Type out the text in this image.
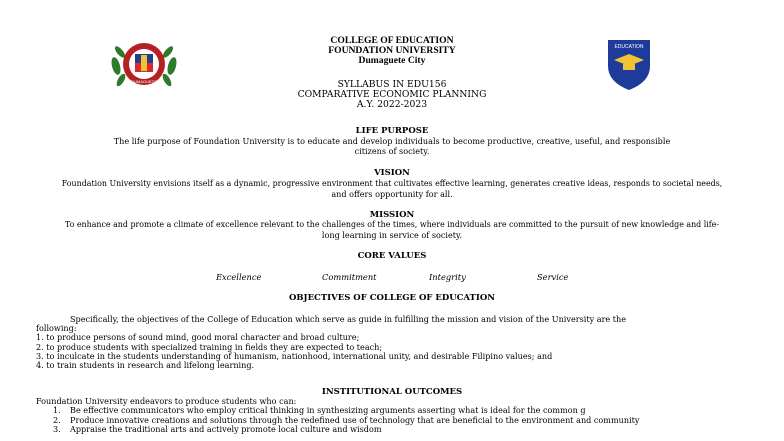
DUMAGUETE
EDUCATION
COLLEGE OF EDUCATION
FOUNDATION UNIVERSITY
Dumaguete City
SYLLABUS IN EDU156
COMPARATIVE ECONOMIC PLANNING
A.Y. 2022-2023
LIFE PURPOSE
The life purpose of Foundation University is to educate and develop individuals to become productive, creative, useful, and responsible
citizens of society.
VISION
Foundation University envisions itself as a dynamic, progressive environment that cultivates effective learning, generates creative ideas, responds to societal needs,
and offers opportunity for all.
MISSION
To enhance and promote a climate of excellence relevant to the challenges of the times, where individuals are committed to the pursuit of new knowledge and life-
long learning in service of society.
CORE VALUES
Excellence	Commitment	Integrity	Service
OBJECTIVES OF COLLEGE OF EDUCATION
Specifically, the objectives of the College of Education which serve as guide in fulfilling the mission and vision of the University are the
following:
1. to produce persons of sound mind, good moral character and broad culture;
2. to produce students with specialized training in fields they are expected to teach;
3. to inculcate in the students understanding of humanism, nationhood, international unity, and desirable Filipino values; and
4. to train students in research and lifelong learning.
INSTITUTIONAL OUTCOMES
Foundation University endeavors to produce students who can:
1. Be effective communicators who employ critical thinking in synthesizing arguments asserting what is ideal for the common g
2. Produce innovative creations and solutions through the redefined use of technology that are beneficial to the environment and community
3. Appraise the traditional arts and actively promote local culture and wisdom
